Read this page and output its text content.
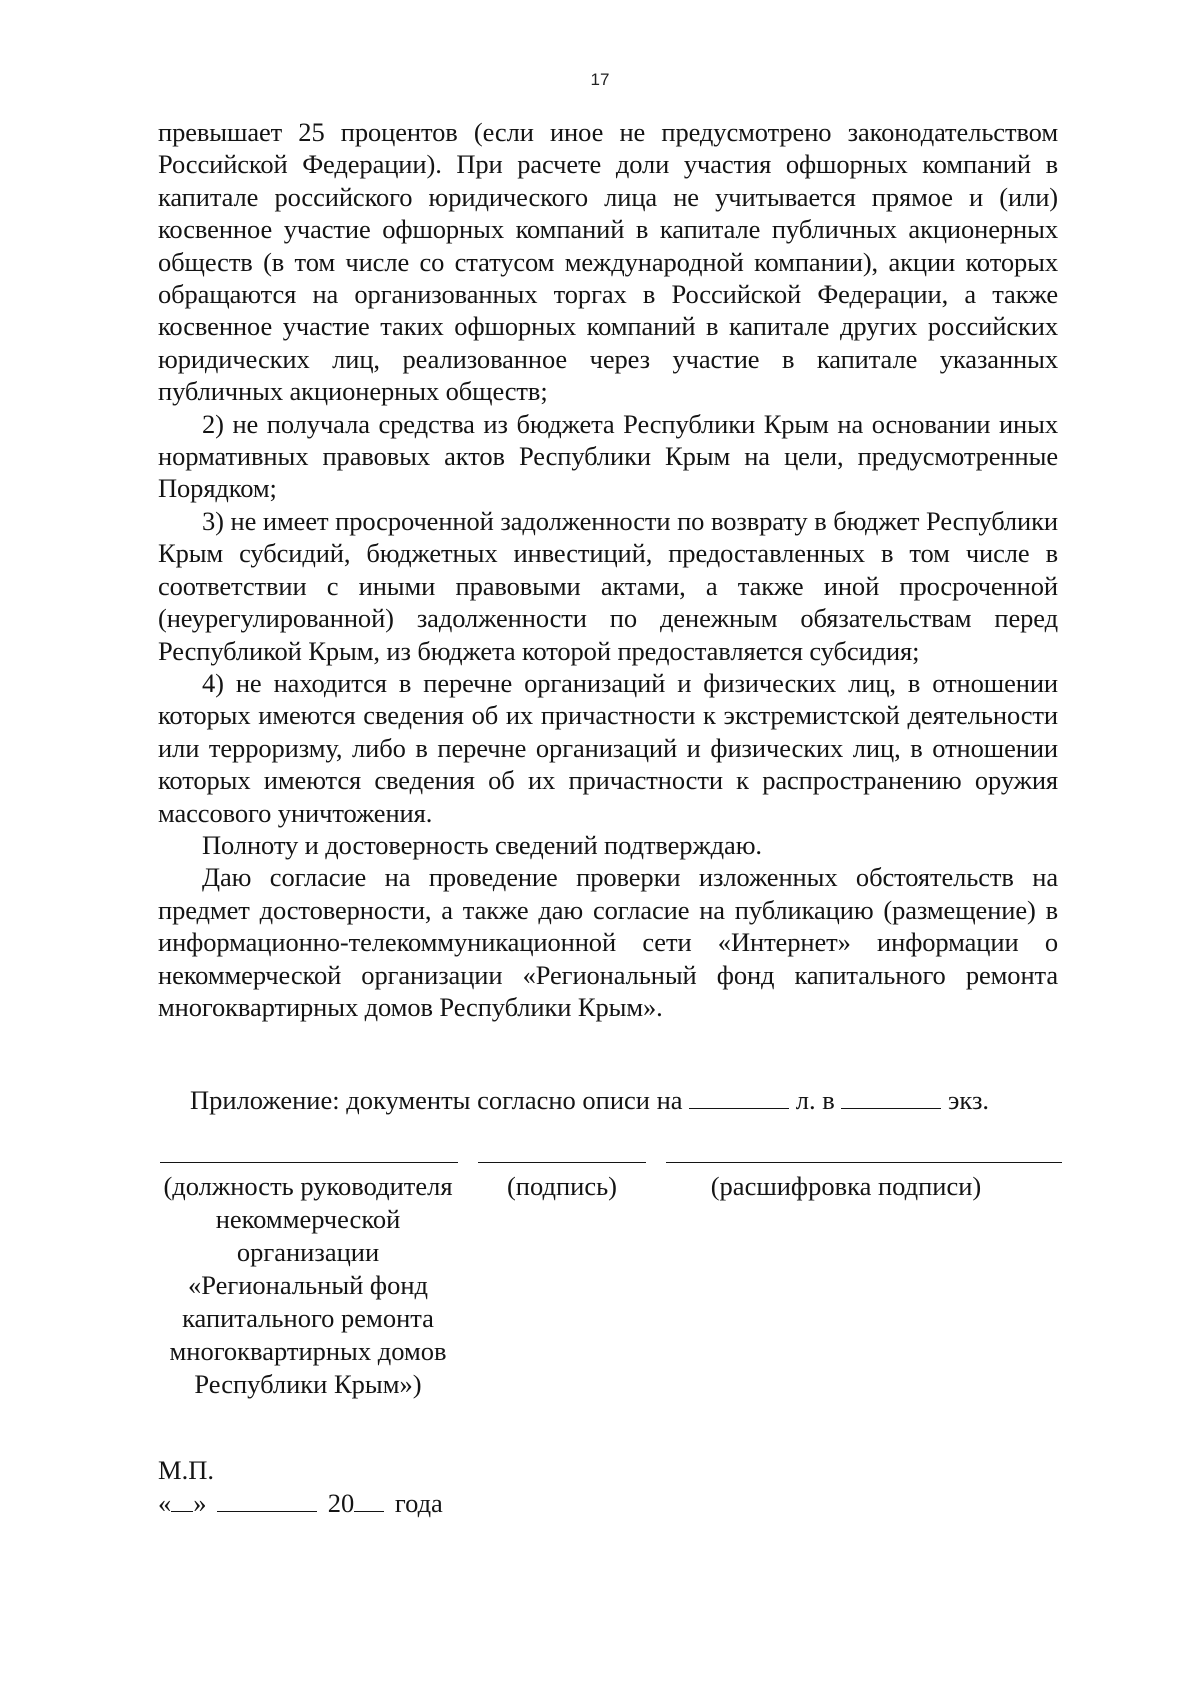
17

превышает 25 процентов (если иное не предусмотрено законодательством Российской Федерации). При расчете доли участия офшорных компаний в капитале российского юридического лица не учитывается прямое и (или) косвенное участие офшорных компаний в капитале публичных акционерных обществ (в том числе со статусом международной компании), акции которых обращаются на организованных торгах в Российской Федерации, а также косвенное участие таких офшорных компаний в капитале других российских юридических лиц, реализованное через участие в капитале указанных публичных акционерных обществ;

2) не получала средства из бюджета Республики Крым на основании иных нормативных правовых актов Республики Крым на цели, предусмотренные Порядком;

3) не имеет просроченной задолженности по возврату в бюджет Республики Крым субсидий, бюджетных инвестиций, предоставленных в том числе в соответствии с иными правовыми актами, а также иной просроченной (неурегулированной) задолженности по денежным обязательствам перед Республикой Крым, из бюджета которой предоставляется субсидия;

4) не находится в перечне организаций и физических лиц, в отношении которых имеются сведения об их причастности к экстремистской деятельности или терроризму, либо в перечне организаций и физических лиц, в отношении которых имеются сведения об их причастности к распространению оружия массового уничтожения.

Полноту и достоверность сведений подтверждаю.

Даю согласие на проведение проверки изложенных обстоятельств на предмет достоверности, а также даю согласие на публикацию (размещение) в информационно-телекоммуникационной сети «Интернет» информации о некоммерческой организации «Региональный фонд капитального ремонта многоквартирных домов Республики Крым».

Приложение: документы согласно описи на	л. в	экз.
(должность руководителя некоммерческой организации «Региональный фонд капитального ремонта многоквартирных домов Республики Крым»)
(подпись)	(расшифровка подписи)
М.П.
« »	20 года
